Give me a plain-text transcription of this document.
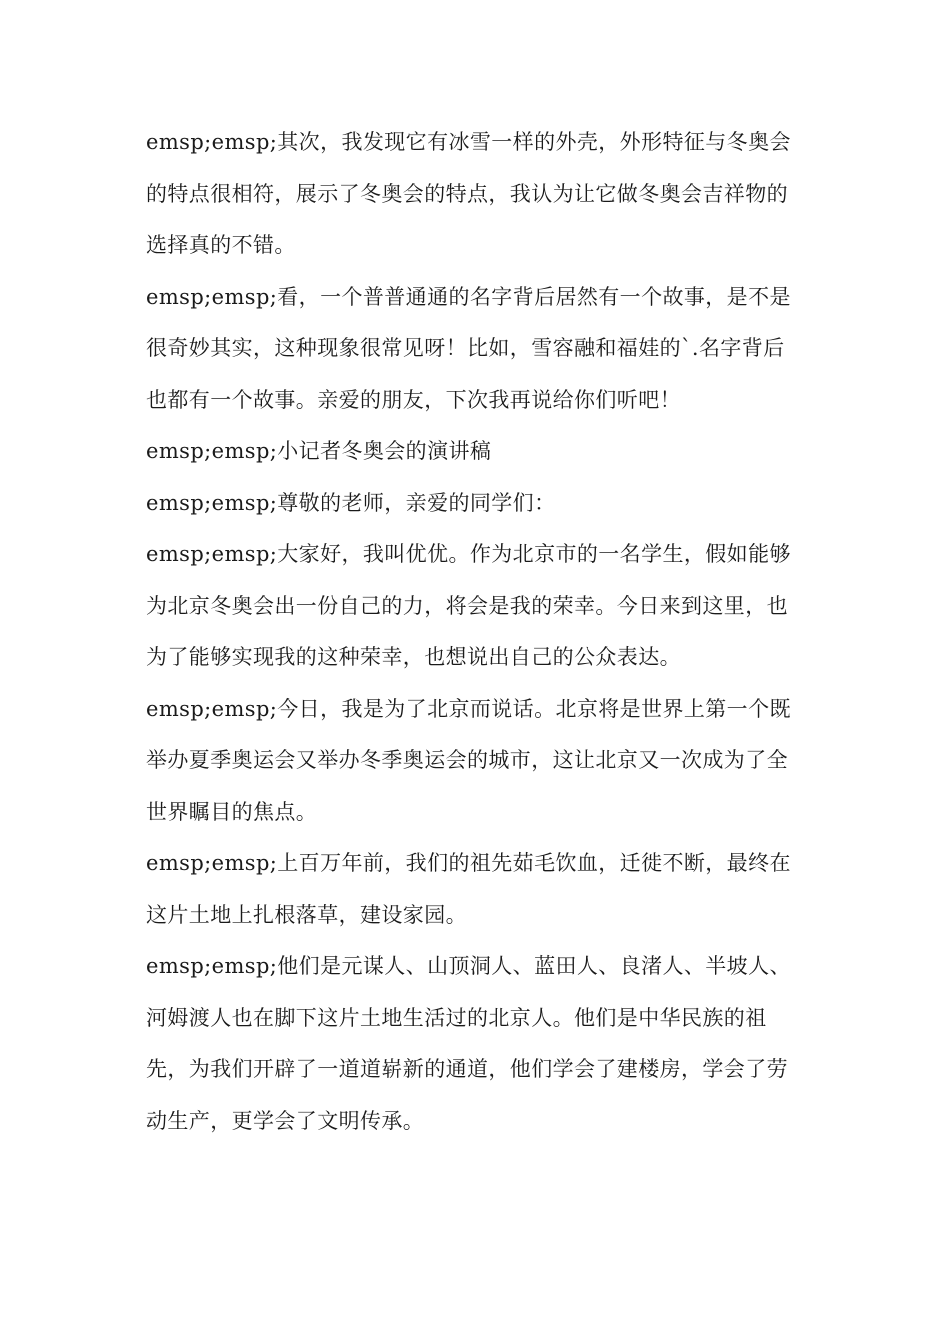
emsp;emsp;其次，我发现它有冰雪一样的外壳，外形特征与冬奥会的特点很相符，展示了冬奥会的特点，我认为让它做冬奥会吉祥物的选择真的不错。

emsp;emsp;看，一个普普通通的名字背后居然有一个故事，是不是很奇妙其实，这种现象很常见呀！比如，雪容融和福娃的`.名字背后也都有一个故事。亲爱的朋友，下次我再说给你们听吧！

emsp;emsp;小记者冬奥会的演讲稿

emsp;emsp;尊敬的老师，亲爱的同学们：

emsp;emsp;大家好，我叫优优。作为北京市的一名学生，假如能够为北京冬奥会出一份自己的力，将会是我的荣幸。今日来到这里，也为了能够实现我的这种荣幸，也想说出自己的公众表达。

emsp;emsp;今日，我是为了北京而说话。北京将是世界上第一个既举办夏季奥运会又举办冬季奥运会的城市，这让北京又一次成为了全世界瞩目的焦点。

emsp;emsp;上百万年前，我们的祖先茹毛饮血，迁徙不断，最终在这片土地上扎根落草，建设家园。

emsp;emsp;他们是元谋人、山顶洞人、蓝田人、良渚人、半坡人、河姆渡人也在脚下这片土地生活过的北京人。他们是中华民族的祖先，为我们开辟了一道道崭新的通道，他们学会了建楼房，学会了劳动生产，更学会了文明传承。
